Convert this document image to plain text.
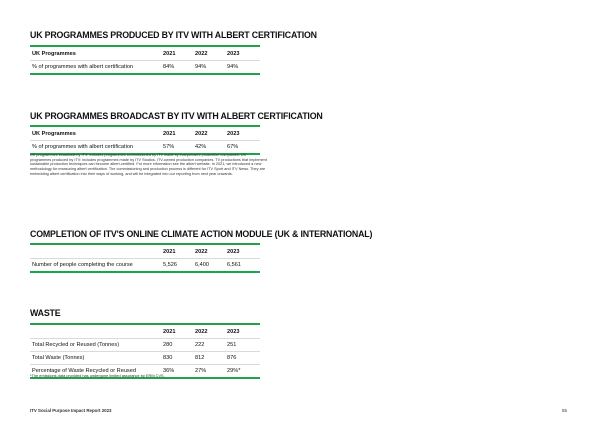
UK PROGRAMMES PRODUCED BY ITV WITH ALBERT CERTIFICATION
UK Programmes	2021	2022	2023
% of programmes with albert certification	84%	94%	94%
UK PROGRAMMES BROADCAST BY ITV WITH ALBERT CERTIFICATION
UK Programmes	2021	2022	2023
% of programmes with albert certification	57%	42%	67%
UK programmes broadcast by ITV: includes programmes commissioned by ITV made by independent production companies. UK programmes produced by ITV: includes programmes made by ITV Studios, ITV-owned production companies. TV productions that implement sustainable production techniques can become albert-certified. For more information see the albert website. In 2021, we introduced a new methodology for measuring albert certification. The commissioning and production process is different for ITV Sport and ITV News. They are embedding albert certification into their ways of working, and will be integrated into our reporting from next year onwards.
COMPLETION OF ITV'S ONLINE CLIMATE ACTION MODULE (UK & INTERNATIONAL)
2021	2022	2023
Number of people completing the course	5,526	6,400	6,561
WASTE
2021	2022	2023
Total Recycled or Reused (Tonnes)	280	222	251
Total Waste (Tonnes)	830	812	876
Percentage of Waste Recycled or Reused	36%	27%	29%*
*The emissions data provided has undergone limited assurance by ERM CVS.
ITV Social Purpose Impact Report 2023	55
